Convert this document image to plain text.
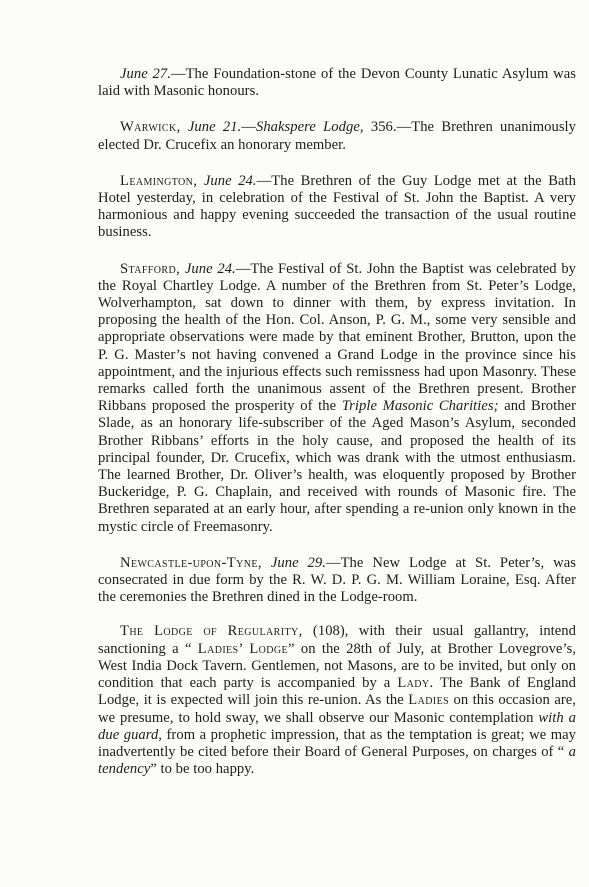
June 27.—The Foundation-stone of the Devon County Lunatic Asylum was laid with Masonic honours.

Warwick, June 21.—Shakspere Lodge, 356.—The Brethren unanimously elected Dr. Crucefix an honorary member.

Leamington, June 24.—The Brethren of the Guy Lodge met at the Bath Hotel yesterday, in celebration of the Festival of St. John the Baptist. A very harmonious and happy evening succeeded the transaction of the usual routine business.

Stafford, June 24.—The Festival of St. John the Baptist was celebrated by the Royal Chartley Lodge. A number of the Brethren from St. Peter’s Lodge, Wolverhampton, sat down to dinner with them, by express invitation. In proposing the health of the Hon. Col. Anson, P. G. M., some very sensible and appropriate observations were made by that eminent Brother, Brutton, upon the P. G. Master’s not having convened a Grand Lodge in the province since his appointment, and the injurious effects such remissness had upon Masonry. These remarks called forth the unanimous assent of the Brethren present. Brother Ribbans proposed the prosperity of the Triple Masonic Charities; and Brother Slade, as an honorary life-subscriber of the Aged Mason’s Asylum, seconded Brother Ribbans’ efforts in the holy cause, and proposed the health of its principal founder, Dr. Crucefix, which was drank with the utmost enthusiasm. The learned Brother, Dr. Oliver’s health, was eloquently proposed by Brother Buckeridge, P. G. Chaplain, and received with rounds of Masonic fire. The Brethren separated at an early hour, after spending a re-union only known in the mystic circle of Freemasonry.

Newcastle-upon-Tyne, June 29.—The New Lodge at St. Peter’s, was consecrated in due form by the R. W. D. P. G. M. William Loraine, Esq. After the ceremonies the Brethren dined in the Lodge-room.

The Lodge of Regularity, (108), with their usual gallantry, intend sanctioning a “ Ladies’ Lodge” on the 28th of July, at Brother Lovegrove’s, West India Dock Tavern. Gentlemen, not Masons, are to be invited, but only on condition that each party is accompanied by a Lady. The Bank of England Lodge, it is expected will join this re-union. As the Ladies on this occasion are, we presume, to hold sway, we shall observe our Masonic contemplation with a due guard, from a prophetic impression, that as the temptation is great; we may inadvertently be cited before their Board of General Purposes, on charges of “ a tendency” to be too happy.
